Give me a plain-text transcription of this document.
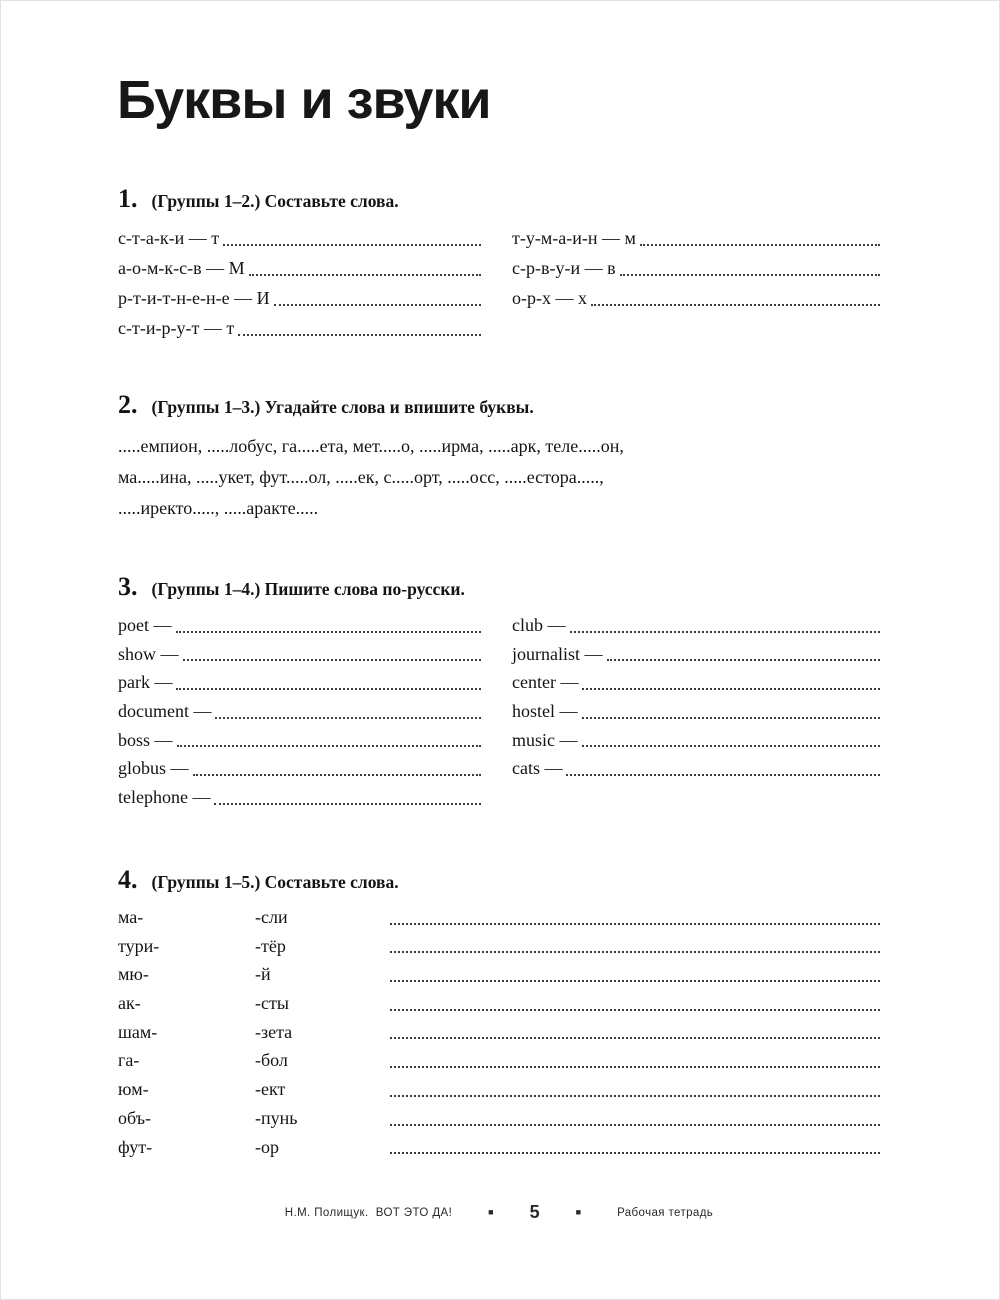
Буквы и звуки
1. (Группы 1–2.) Составьте слова.
с-т-а-к-и — т
а-о-м-к-с-в — М
р-т-и-т-н-е-н-е — И
с-т-и-р-у-т — т
т-у-м-а-и-н — м
с-р-в-у-и — в
о-р-х — х
2. (Группы 1–3.) Угадайте слова и впишите буквы.
.....емпион, .....лобус, га.....ета, мет.....о, .....ирма, .....арк, теле.....он,
ма.....ина, .....укет, фут.....ол, .....ек, с.....орт, .....осс, .....естора.....,
.....иректо....., .....аракте.....
3. (Группы 1–4.) Пишите слова по-русски.
poet —
show —
park —
document —
boss —
globus —
telephone —
club —
journalist —
center —
hostel —
music —
cats —
4. (Группы 1–5.) Составьте слова.
ма-	-сли
тури-	-тёр
мю-	-й
ак-	-сты
шам-	-зета
га-	-бол
юм-	-ект
объ-	-пунь
фут-	-ор
Н.М. Полищук.  ВОТ ЭТО ДА!	■ 5	■	Рабочая тетрадь
